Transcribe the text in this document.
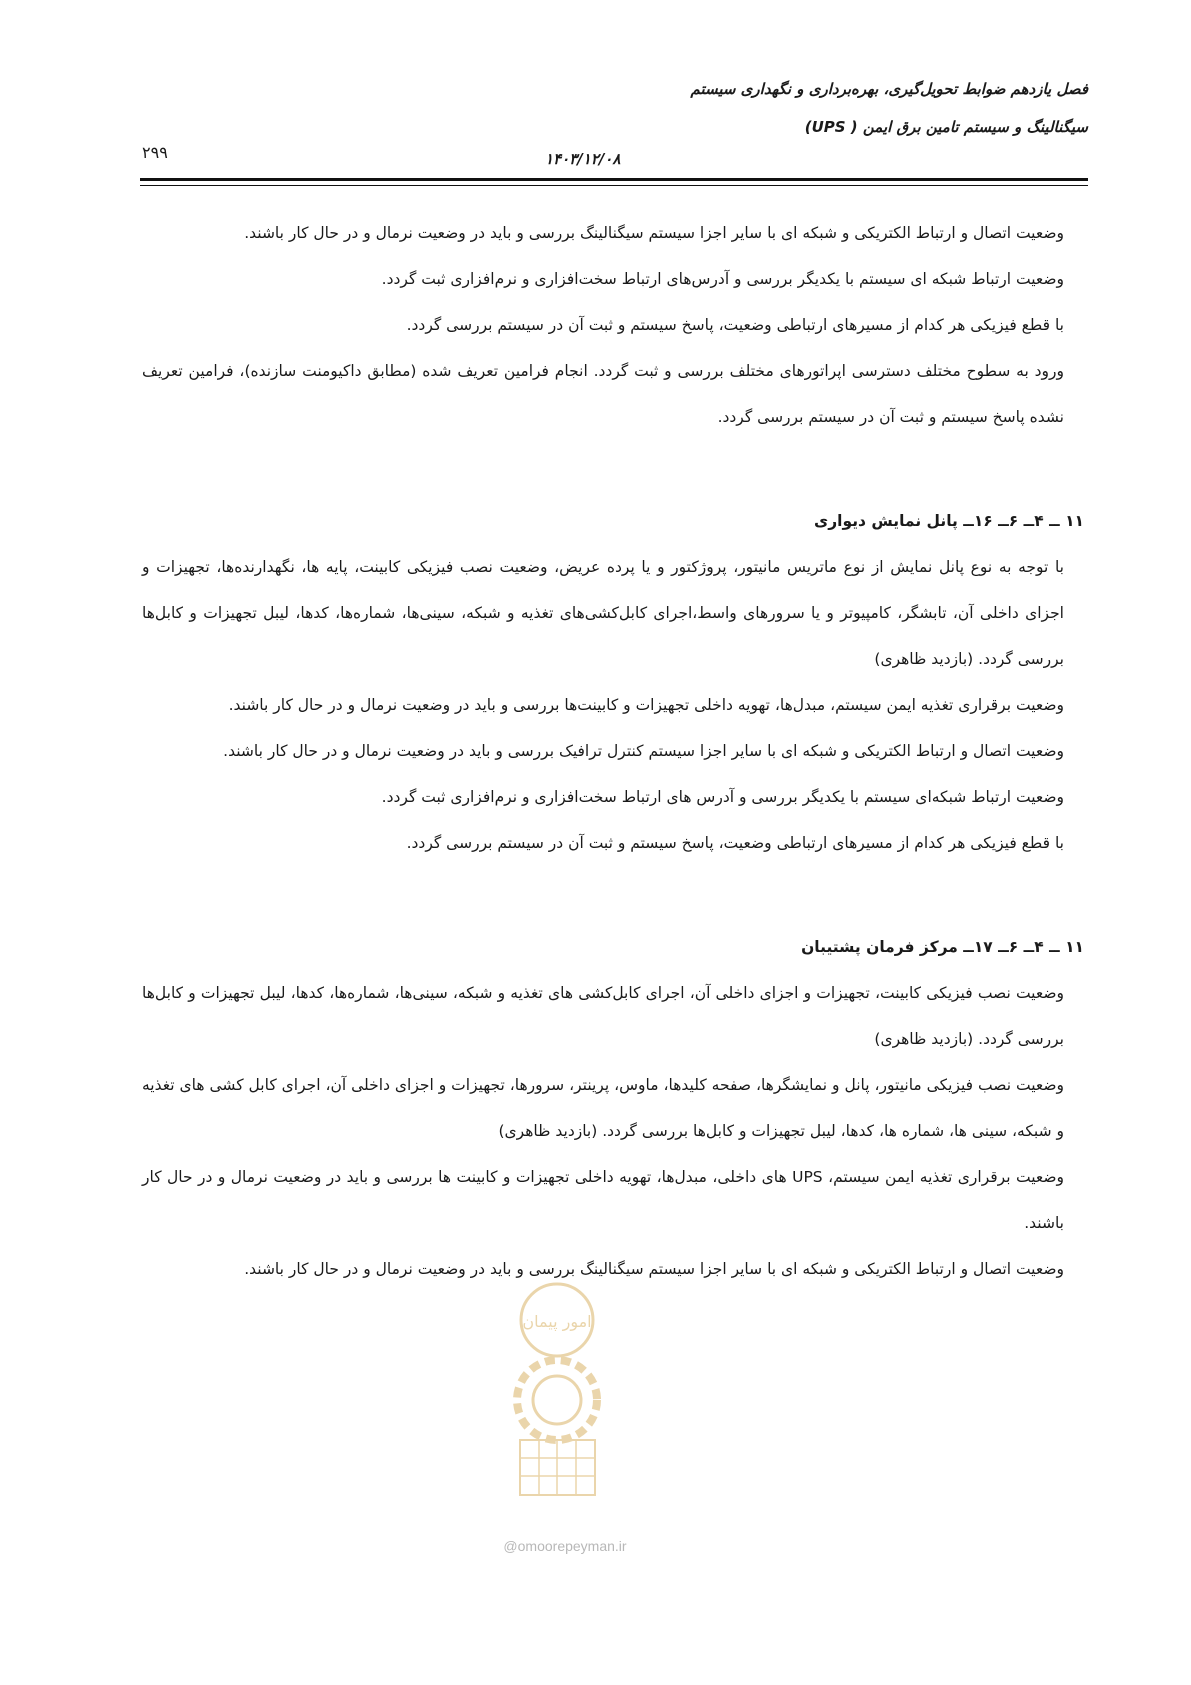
فصل یازدهم ضوابط تحویل‌گیری، بهره‌برداری و نگهداری سیستم
سیگنالینگ و سیستم تامین برق ایمن ( UPS)
۱۴۰۳/۱۲/۰۸
۲۹۹

وضعیت اتصال و ارتباط الکتریکی و شبکه ای با سایر اجزا سیستم سیگنالینگ بررسی و باید در وضعیت نرمال و در حال کار باشند.

وضعیت ارتباط شبکه ای سیستم با یکدیگر بررسی و آدرس‌های ارتباط سخت‌افزاری و نرم‌افزاری ثبت گردد.

با قطع فیزیکی هر کدام از مسیرهای ارتباطی وضعیت، پاسخ سیستم و ثبت آن در سیستم بررسی گردد.

ورود به سطوح مختلف دسترسی اپراتورهای مختلف بررسی و ثبت گردد. انجام فرامین تعریف شده (مطابق داکیومنت سازنده)، فرامین تعریف نشده پاسخ سیستم و ثبت آن در سیستم بررسی گردد.

۱۱ ــ ۴ــ ۶ــ ۱۶ــ پانل نمایش دیواری

با توجه به نوع پانل نمایش از نوع ماتریس مانیتور، پروژکتور و یا پرده عریض، وضعیت نصب فیزیکی کابینت، پایه ها، نگهدارنده‌ها، تجهیزات و اجزای داخلی آن، تابشگر، کامپیوتر و یا سرورهای واسط،اجرای کابل‌کشی‌های تغذیه و شبکه، سینی‌ها، شماره‌ها، کدها، لیبل تجهیزات و کابل‌ها بررسی گردد. (بازدید ظاهری)

وضعیت برقراری تغذیه ایمن سیستم، مبدل‌ها، تهویه داخلی تجهیزات و کابینت‌ها بررسی و باید در وضعیت نرمال و در حال کار باشند.

وضعیت اتصال و ارتباط الکتریکی و شبکه ای با سایر اجزا سیستم کنترل ترافیک بررسی و باید در وضعیت نرمال و در حال کار باشند.

وضعیت ارتباط شبکه‌ای سیستم با یکدیگر بررسی و آدرس های ارتباط سخت‌افزاری و نرم‌افزاری ثبت گردد.

با قطع فیزیکی هر کدام از مسیرهای ارتباطی وضعیت، پاسخ سیستم و ثبت آن در سیستم بررسی گردد.

۱۱ ــ ۴ــ ۶ــ ۱۷ــ مرکز فرمان پشتیبان

وضعیت نصب فیزیکی کابینت، تجهیزات و اجزای داخلی آن، اجرای کابل‌کشی های تغذیه و شبکه، سینی‌ها، شماره‌ها، کدها، لیبل تجهیزات و کابل‌ها بررسی گردد. (بازدید ظاهری)

وضعیت نصب فیزیکی مانیتور، پانل و نمایشگرها، صفحه کلیدها، ماوس، پرینتر، سرورها، تجهیزات و اجزای داخلی آن، اجرای کابل کشی های تغذیه و شبکه، سینی ها، شماره ها، کدها، لیبل تجهیزات و کابل‌ها بررسی گردد. (بازدید ظاهری)

وضعیت برقراری تغذیه ایمن سیستم، UPS های داخلی، مبدل‌ها، تهویه داخلی تجهیزات و کابینت ها بررسی و باید در وضعیت نرمال و در حال کار باشند.

وضعیت اتصال و ارتباط الکتریکی و شبکه ای با سایر اجزا سیستم سیگنالینگ بررسی و باید در وضعیت نرمال و در حال کار باشند.

امور پیمان
@omoorepeyman.ir
